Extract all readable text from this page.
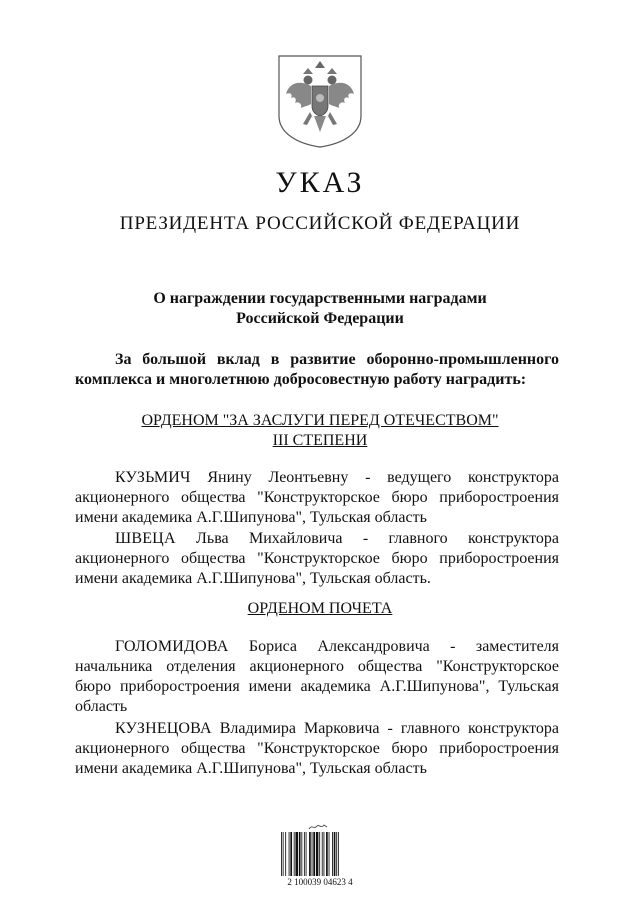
УКАЗ
ПРЕЗИДЕНТА РОССИЙСКОЙ ФЕДЕРАЦИИ
О награждении государственными наградами
Российской Федерации
За большой вклад в развитие оборонно-промышленного комплекса и многолетнюю добросовестную работу наградить:
ОРДЕНОМ "ЗА ЗАСЛУГИ ПЕРЕД ОТЕЧЕСТВОМ"
III СТЕПЕНИ
КУЗЬМИЧ Янину Леонтьевну - ведущего конструктора акционерного общества "Конструкторское бюро приборостроения имени академика А.Г.Шипунова", Тульская область
ШВЕЦА Льва Михайловича - главного конструктора акционерного общества "Конструкторское бюро приборостроения имени академика А.Г.Шипунова", Тульская область.
ОРДЕНОМ ПОЧЕТА
ГОЛОМИДОВА Бориса Александровича - заместителя начальника отделения акционерного общества "Конструкторское бюро приборостроения имени академика А.Г.Шипунова", Тульская область
КУЗНЕЦОВА Владимира Марковича - главного конструктора акционерного общества "Конструкторское бюро приборостроения имени академика А.Г.Шипунова", Тульская область
2 100039 04623 4
